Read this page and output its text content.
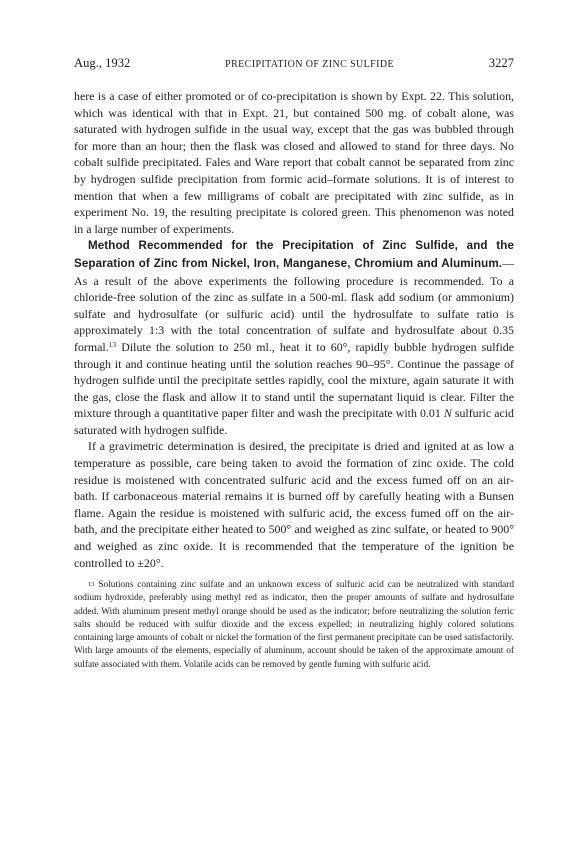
Aug., 1932	PRECIPITATION OF ZINC SULFIDE	3227

here is a case of either promoted or of co-precipitation is shown by Expt. 22. This solution, which was identical with that in Expt. 21, but contained 500 mg. of cobalt alone, was saturated with hydrogen sulfide in the usual way, except that the gas was bubbled through for more than an hour; then the flask was closed and allowed to stand for three days. No cobalt sulfide precipitated. Fales and Ware report that cobalt cannot be separated from zinc by hydrogen sulfide precipitation from formic acid–formate solutions. It is of interest to mention that when a few milligrams of cobalt are precipitated with zinc sulfide, as in experiment No. 19, the resulting precipitate is colored green. This phenomenon was noted in a large number of experiments.

Method Recommended for the Precipitation of Zinc Sulfide, and the Separation of Zinc from Nickel, Iron, Manganese, Chromium and Aluminum.—As a result of the above experiments the following procedure is recommended. To a chloride-free solution of the zinc as sulfate in a 500-ml. flask add sodium (or ammonium) sulfate and hydrosulfate (or sulfuric acid) until the hydrosulfate to sulfate ratio is approximately 1:3 with the total concentration of sulfate and hydrosulfate about 0.35 formal.$^{13}$ Dilute the solution to 250 ml., heat it to 60°, rapidly bubble hydrogen sulfide through it and continue heating until the solution reaches 90–95°. Continue the passage of hydrogen sulfide until the precipitate settles rapidly, cool the mixture, again saturate it with the gas, close the flask and allow it to stand until the supernatant liquid is clear. Filter the mixture through a quantitative paper filter and wash the precipitate with 0.01 N sulfuric acid saturated with hydrogen sulfide.

If a gravimetric determination is desired, the precipitate is dried and ignited at as low a temperature as possible, care being taken to avoid the formation of zinc oxide. The cold residue is moistened with concentrated sulfuric acid and the excess fumed off on an air-bath. If carbonaceous material remains it is burned off by carefully heating with a Bunsen flame. Again the residue is moistened with sulfuric acid, the excess fumed off on the air-bath, and the precipitate either heated to 500° and weighed as zinc sulfate, or heated to 900° and weighed as zinc oxide. It is recommended that the temperature of the ignition be controlled to ±20°.

$^{13}$ Solutions containing zinc sulfate and an unknown excess of sulfuric acid can be neutralized with standard sodium hydroxide, preferably using methyl red as indicator, then the proper amounts of sulfate and hydrosulfate added. With aluminum present methyl orange should be used as the indicator; before neutralizing the solution ferric salts should be reduced with sulfur dioxide and the excess expelled; in neutralizing highly colored solutions containing large amounts of cobalt or nickel the formation of the first permanent precipitate can be used satisfactorily. With large amounts of the elements, especially of aluminum, account should be taken of the approximate amount of sulfate associated with them. Volatile acids can be removed by gentle fuming with sulfuric acid.
